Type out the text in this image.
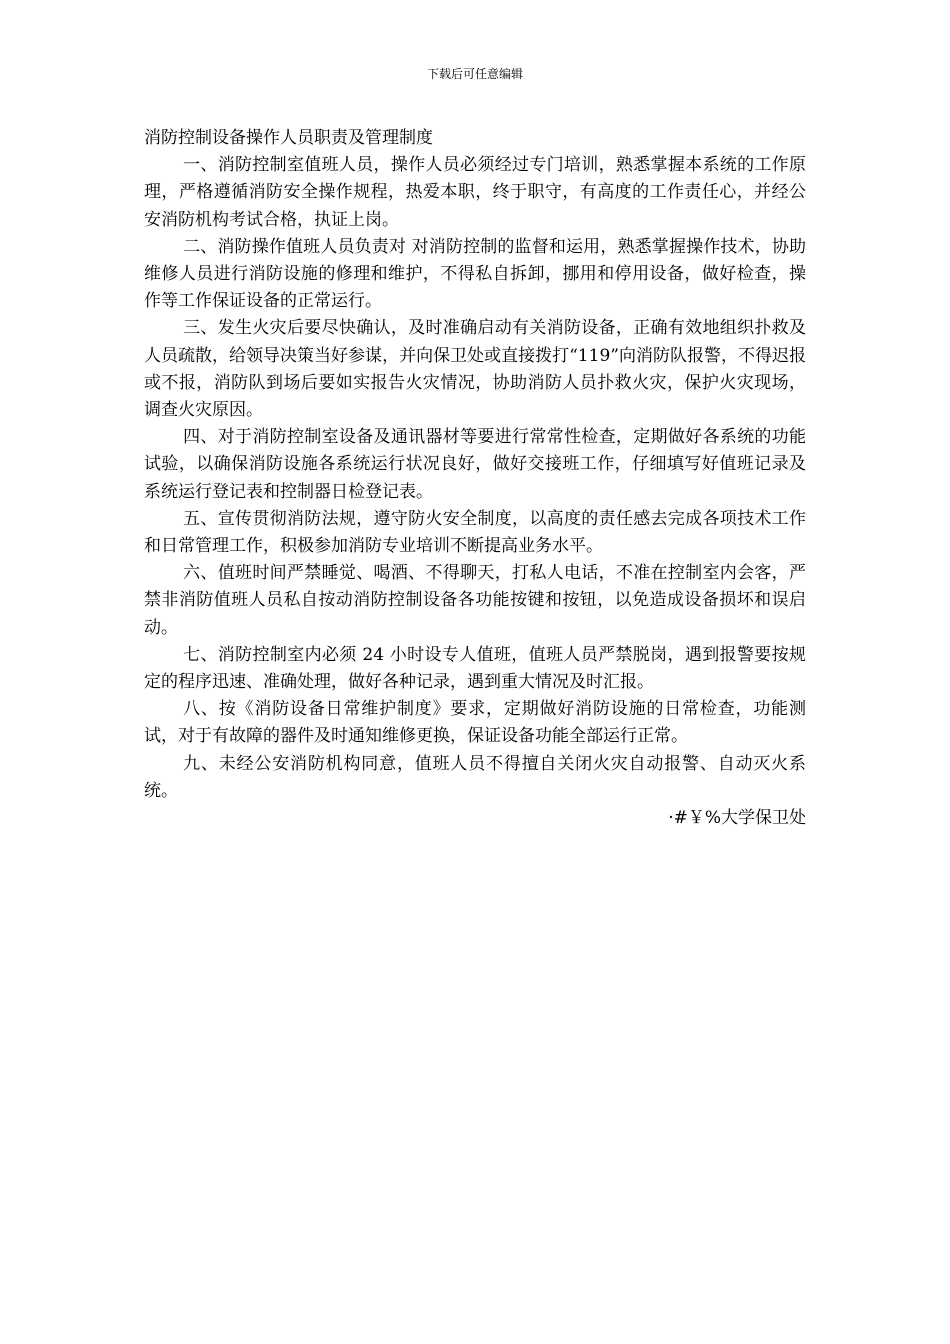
下载后可任意编辑
消防控制设备操作人员职责及管理制度

一、消防控制室值班人员，操作人员必须经过专门培训，熟悉掌握本系统的工作原理，严格遵循消防安全操作规程，热爱本职，终于职守，有高度的工作责任心，并经公安消防机构考试合格，执证上岗。

二、消防操作值班人员负责对 对消防控制的监督和运用，熟悉掌握操作技术，协助维修人员进行消防设施的修理和维护，不得私自拆卸，挪用和停用设备，做好检查，操作等工作保证设备的正常运行。

三、发生火灾后要尽快确认，及时准确启动有关消防设备，正确有效地组织扑救及人员疏散，给领导决策当好参谋，并向保卫处或直接拨打“119”向消防队报警，不得迟报或不报，消防队到场后要如实报告火灾情况，协助消防人员扑救火灾，保护火灾现场，调查火灾原因。

四、对于消防控制室设备及通讯器材等要进行常常性检查，定期做好各系统的功能试验，以确保消防设施各系统运行状况良好，做好交接班工作，仔细填写好值班记录及系统运行登记表和控制器日检登记表。

五、宣传贯彻消防法规，遵守防火安全制度，以高度的责任感去完成各项技术工作和日常管理工作，积极参加消防专业培训不断提高业务水平。

六、值班时间严禁睡觉、喝酒、不得聊天，打私人电话，不准在控制室内会客，严禁非消防值班人员私自按动消防控制设备各功能按键和按钮，以免造成设备损坏和误启动。

七、消防控制室内必须 24 小时设专人值班，值班人员严禁脱岗，遇到报警要按规定的程序迅速、准确处理，做好各种记录，遇到重大情况及时汇报。

八、按《消防设备日常维护制度》要求，定期做好消防设施的日常检查，功能测试，对于有故障的器件及时通知维修更换，保证设备功能全部运行正常。

九、未经公安消防机构同意，值班人员不得擅自关闭火灾自动报警、自动灭火系统。

·#￥%大学保卫处
